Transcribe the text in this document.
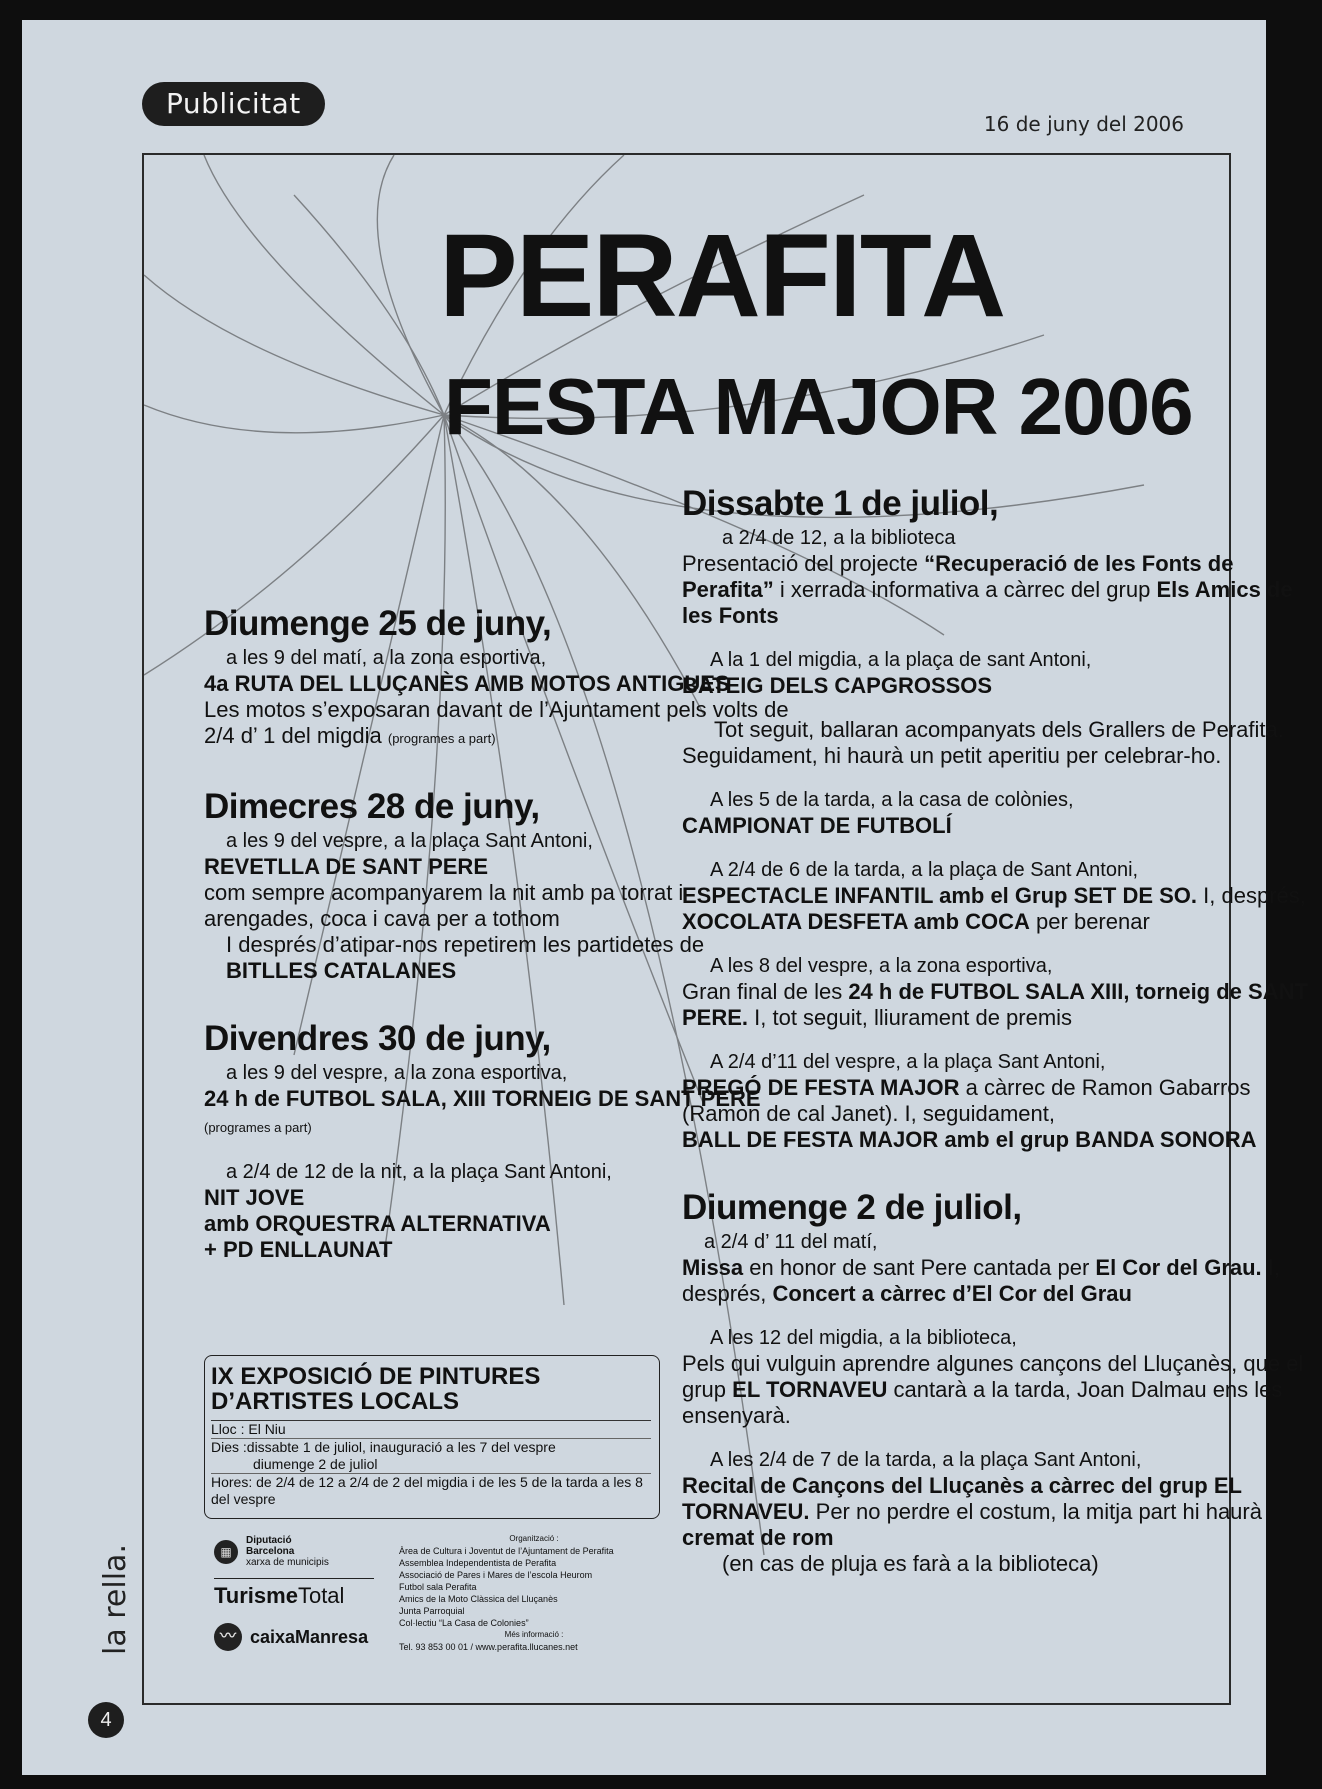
Publicitat
16 de juny del 2006
PERAFITA
FESTA MAJOR 2006
Diumenge 25 de juny,
a les 9 del matí, a la zona esportiva,

4a RUTA DEL LLUÇANÈS AMB MOTOS ANTIGUES

Les motos s’exposaran davant de l’Ajuntament pels volts de 2/4 d’ 1 del migdia (programes a part)

Dimecres 28 de juny,
a les 9 del vespre, a la plaça Sant Antoni,

REVETLLA DE SANT PERE

com sempre acompanyarem la nit amb pa torrat i arengades, coca i cava per a tothom

I després d’atipar-nos repetirem les partidetes de BITLLES CATALANES

Divendres 30 de juny,
a les 9 del vespre, a la zona esportiva,

24 h de FUTBOL SALA, XIII TORNEIG DE SANT PERE (programes a part)

a 2/4 de 12 de la nit, a la plaça Sant Antoni,

NIT JOVE

amb ORQUESTRA ALTERNATIVA

+ PD ENLLAUNAT

IX EXPOSICIÓ DE PINTURES D’ARTISTES LOCALS
Lloc : El Niu
Dies :dissabte 1 de juliol, inauguració a les 7 del vespre
diumenge 2 de juliol
Hores: de 2/4 de 12 a 2/4 de 2 del migdia i de les 5 de la tarda a les 8 del vespre
▦
Diputació
Barcelona
xarxa de municipis
TurismeTotal
〰 caixaManresa
Organització :
Àrea de Cultura i Joventut de l’Ajuntament de Perafita
Assemblea Independentista de Perafita
Associació de Pares i Mares de l’escola Heurom
Futbol sala Perafita
Amics de la Moto Clàssica del Lluçanès
Junta Parroquial
Col·lectiu “La Casa de Colonies”
Més informació :
Tel. 93 853 00 01 / www.perafita.llucanes.net
Dissabte 1 de juliol,
a 2/4 de 12, a la biblioteca

Presentació del projecte “Recuperació de les Fonts de Perafita” i xerrada informativa a càrrec del grup Els Amics de les Fonts

A la 1 del migdia, a la plaça de sant Antoni,

BATEIG DELS CAPGROSSOS

Tot seguit, ballaran acompanyats dels Grallers de Perafita. Seguidament, hi haurà un petit aperitiu per celebrar-ho.

A les 5 de la tarda, a la casa de colònies,

CAMPIONAT DE FUTBOLÍ

A 2/4 de 6 de la tarda, a la plaça de Sant Antoni,

ESPECTACLE INFANTIL amb el Grup SET DE SO. I, després, XOCOLATA DESFETA amb COCA per berenar

A les 8 del vespre, a la zona esportiva,

Gran final de les 24 h de FUTBOL SALA XIII, torneig de SANT PERE. I, tot seguit, lliurament de premis

A 2/4 d’11 del vespre, a la plaça Sant Antoni,

PREGÓ DE FESTA MAJOR a càrrec de Ramon Gabarros (Ramon de cal Janet). I, seguidament,

BALL DE FESTA MAJOR amb el grup BANDA SONORA

Diumenge 2 de juliol,
a 2/4 d’ 11 del matí,

Missa en honor de sant Pere cantada per El Cor del Grau. I, després, Concert a càrrec d’El Cor del Grau

A les 12 del migdia, a la biblioteca,

Pels qui vulguin aprendre algunes cançons del Lluçanès, que el grup EL TORNAVEU cantarà a la tarda, Joan Dalmau ens les ensenyarà.

A les 2/4 de 7 de la tarda, a la plaça Sant Antoni,

Recital de Cançons del Lluçanès a càrrec del grup EL TORNAVEU. Per no perdre el costum, la mitja part hi haurà cremat de rom

(en cas de pluja es farà a la biblioteca)

la rella.
4
